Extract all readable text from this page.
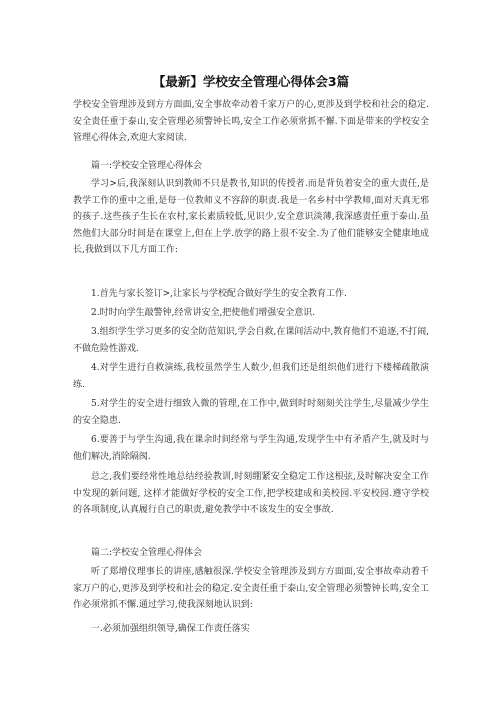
【最新】学校安全管理心得体会3篇

学校安全管理涉及到方方面面,安全事故牵动着千家万户的心,更涉及到学校和社会的稳定.安全责任重于泰山,安全管理必须警钟长鸣,安全工作必须常抓不懈.下面是带来的学校安全管理心得体会,欢迎大家阅读.

篇一:学校安全管理心得体会

学习>后,我深刻认识到教师不只是教书,知识的传授者.而是背负着安全的重大责任,是教学工作的重中之重,是每一位教师义不容辞的职责.我是一名乡村中学教师,面对天真无邪的孩子.这些孩子生长在农村,家长素质较低,见识少,安全意识淡薄,我深感责任重于泰山.虽然他们大部分时间是在课堂上,但在上学.放学的路上很不安全.为了他们能够安全健康地成长,我做到以下几方面工作:

1.首先与家长签订>,让家长与学校配合做好学生的安全教育工作.

2.时时向学生敲警钟,经常讲安全,把使他们增强安全意识.

3.组织学生学习更多的安全防范知识,学会自救,在课间活动中,教育他们不追逐,不打闹,不做危险性游戏.

4.对学生进行自救演练,我校虽然学生人数少,但我们还是组织他们进行下楼梯疏散演练.

5.对学生的安全进行细致入微的管理,在工作中,做到时时刻刻关注学生,尽量减少学生的安全隐患.

6.要善于与学生沟通,我在课余时间经常与学生沟通,发现学生中有矛盾产生,就及时与他们解决,消除隔阂.

总之,我们要经常性地总结经验教训,时刻绷紧安全稳定工作这根弦,及时解决安全工作中发现的新问题, 这样才能做好学校的安全工作,把学校建成和美校园.平安校园.遵守学校的各项制度,认真履行自己的职责,避免教学中不该发生的安全事故.

篇二:学校安全管理心得体会

听了郑增仪理事长的讲座,感触很深.学校安全管理涉及到方方面面,安全事故牵动着千家万户的心,更涉及到学校和社会的稳定.安全责任重于泰山,安全管理必须警钟长鸣,安全工作必须常抓不懈.通过学习,使我深刻地认识到:

一.必须加强组织领导,确保工作责任落实
